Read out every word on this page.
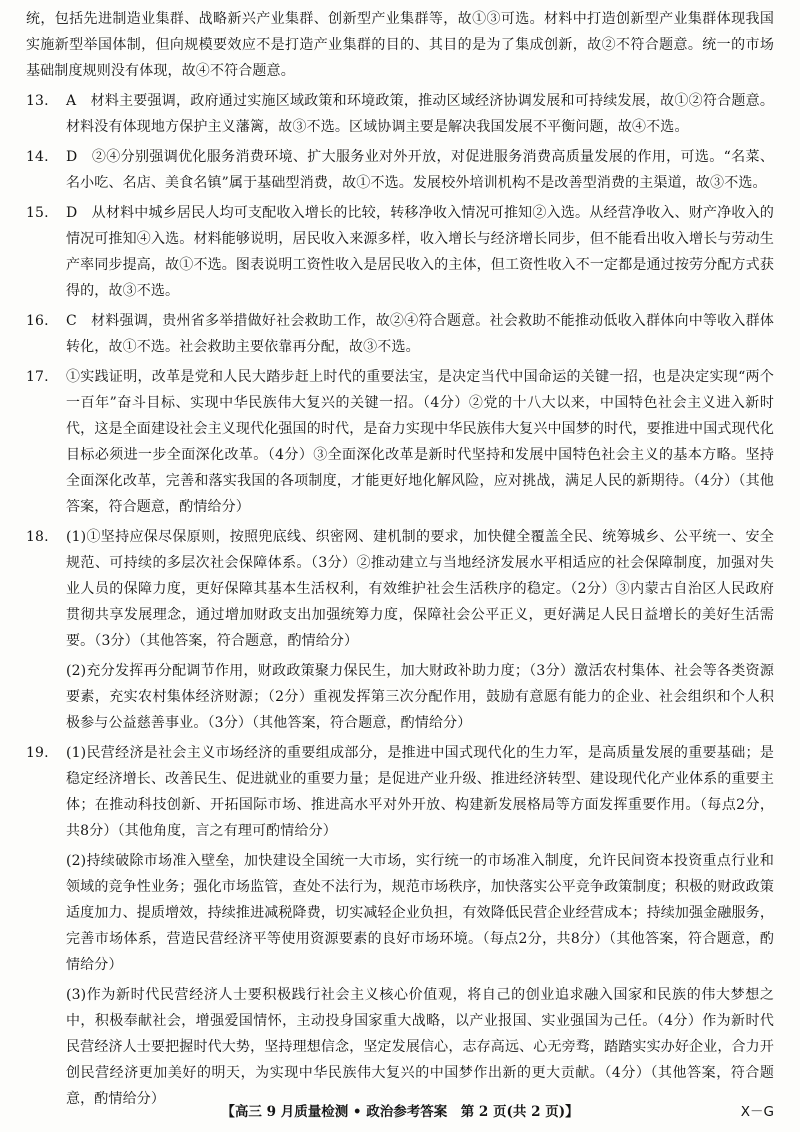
统，包括先进制造业集群、战略新兴产业集群、创新型产业集群等，故①③可选。材料中打造创新型产业集群体现我国实施新型举国体制，但向规模要效应不是打造产业集群的目的、其目的是为了集成创新，故②不符合题意。统一的市场基础制度规则没有体现，故④不符合题意。

13.	A　材料主要强调，政府通过实施区域政策和环境政策，推动区域经济协调发展和可持续发展，故①②符合题意。材料没有体现地方保护主义藩篱，故③不选。区域协调主要是解决我国发展不平衡问题，故④不选。
14.	D　②④分别强调优化服务消费环境、扩大服务业对外开放，对促进服务消费高质量发展的作用，可选。“名菜、名小吃、名店、美食名镇”属于基础型消费，故①不选。发展校外培训机构不是改善型消费的主渠道，故③不选。
15.	D　从材料中城乡居民人均可支配收入增长的比较，转移净收入情况可推知②入选。从经营净收入、财产净收入的情况可推知④入选。材料能够说明，居民收入来源多样，收入增长与经济增长同步，但不能看出收入增长与劳动生产率同步提高，故①不选。图表说明工资性收入是居民收入的主体，但工资性收入不一定都是通过按劳分配方式获得的，故③不选。
16.	C　材料强调，贵州省多举措做好社会救助工作，故②④符合题意。社会救助不能推动低收入群体向中等收入群体转化，故①不选。社会救助主要依靠再分配，故③不选。
17.	①实践证明，改革是党和人民大踏步赶上时代的重要法宝，是决定当代中国命运的关键一招，也是决定实现“两个一百年”奋斗目标、实现中华民族伟大复兴的关键一招。（4分）②党的十八大以来，中国特色社会主义进入新时代，这是全面建设社会主义现代化强国的时代，是奋力实现中华民族伟大复兴中国梦的时代，要推进中国式现代化目标必须进一步全面深化改革。（4分）③全面深化改革是新时代坚持和发展中国特色社会主义的基本方略。坚持全面深化改革，完善和落实我国的各项制度，才能更好地化解风险，应对挑战，满足人民的新期待。（4分）（其他答案，符合题意，酌情给分）
18.	(1)①坚持应保尽保原则，按照兜底线、织密网、建机制的要求，加快健全覆盖全民、统筹城乡、公平统一、安全规范、可持续的多层次社会保障体系。（3分）②推动建立与当地经济发展水平相适应的社会保障制度，加强对失业人员的保障力度，更好保障其基本生活权利，有效维护社会生活秩序的稳定。（2分）③内蒙古自治区人民政府贯彻共享发展理念，通过增加财政支出加强统筹力度，保障社会公平正义，更好满足人民日益增长的美好生活需要。（3分）（其他答案，符合题意，酌情给分）
(2)充分发挥再分配调节作用，财政政策聚力保民生，加大财政补助力度；（3分）激活农村集体、社会等各类资源要素，充实农村集体经济财源；（2分）重视发挥第三次分配作用，鼓励有意愿有能力的企业、社会组织和个人积极参与公益慈善事业。（3分）（其他答案，符合题意，酌情给分）
19.	(1)民营经济是社会主义市场经济的重要组成部分，是推进中国式现代化的生力军，是高质量发展的重要基础；是稳定经济增长、改善民生、促进就业的重要力量；是促进产业升级、推进经济转型、建设现代化产业体系的重要主体；在推动科技创新、开拓国际市场、推进高水平对外开放、构建新发展格局等方面发挥重要作用。（每点2分，共8分）（其他角度，言之有理可酌情给分）
(2)持续破除市场准入壁垒，加快建设全国统一大市场，实行统一的市场准入制度，允许民间资本投资重点行业和领域的竞争性业务；强化市场监管，查处不法行为，规范市场秩序，加快落实公平竞争政策制度；积极的财政政策适度加力、提质增效，持续推进减税降费，切实减轻企业负担，有效降低民营企业经营成本；持续加强金融服务，完善市场体系，营造民营经济平等使用资源要素的良好市场环境。（每点2分，共8分）（其他答案，符合题意，酌情给分）
(3)作为新时代民营经济人士要积极践行社会主义核心价值观，将自己的创业追求融入国家和民族的伟大梦想之中，积极奉献社会，增强爱国情怀，主动投身国家重大战略，以产业报国、实业强国为己任。（4分）作为新时代民营经济人士要把握时代大势，坚持理想信念，坚定发展信心，志存高远、心无旁骛，踏踏实实办好企业，合力开创民营经济更加美好的明天，为实现中华民族伟大复兴的中国梦作出新的更大贡献。（4分）（其他答案，符合题意，酌情给分）
【高三 9 月质量检测 • 政治参考答案　第 2 页(共 2 页)】	X－G
